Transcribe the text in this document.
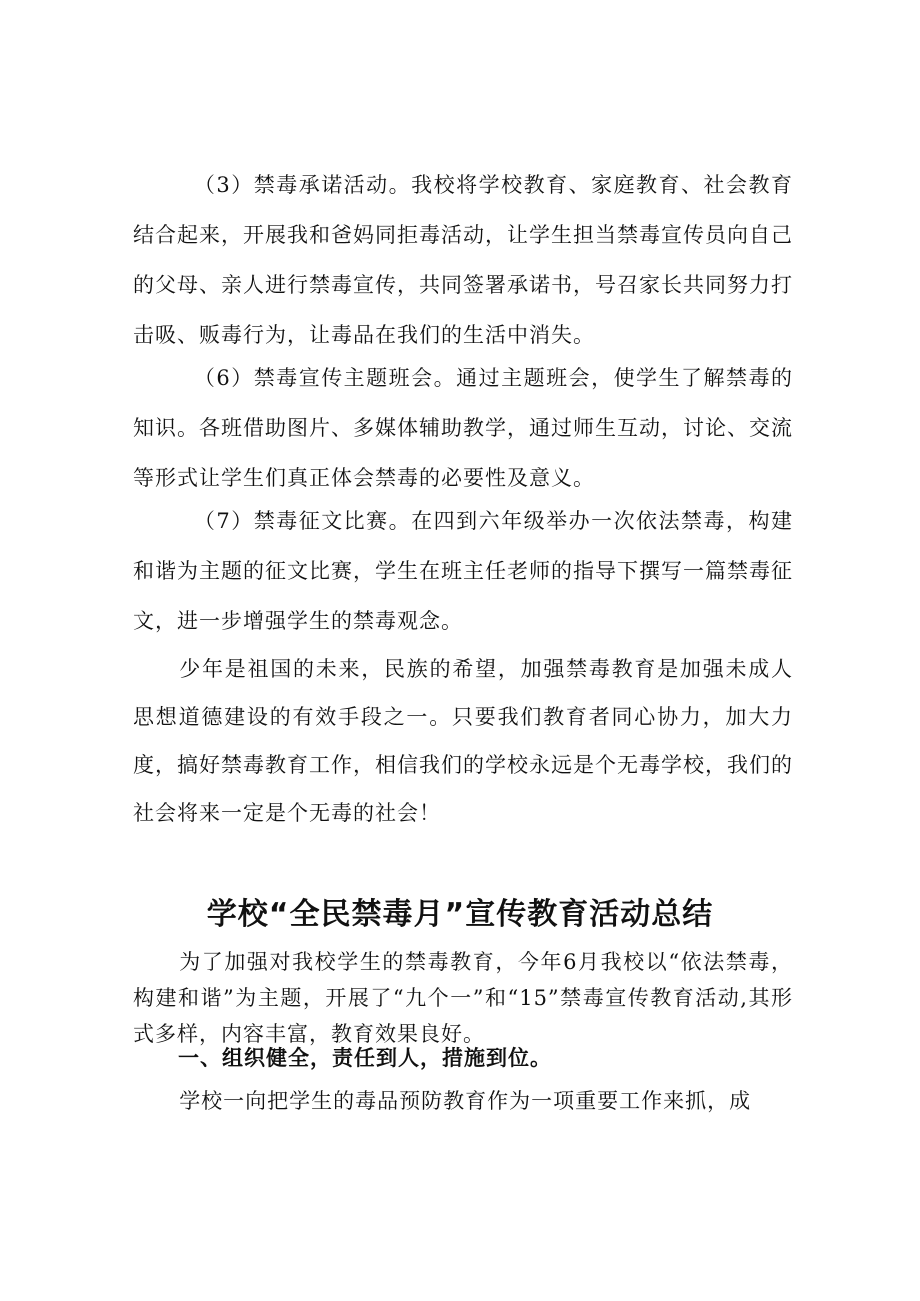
（3）禁毒承诺活动。我校将学校教育、家庭教育、社会教育结合起来，开展我和爸妈同拒毒活动，让学生担当禁毒宣传员向自己的父母、亲人进行禁毒宣传，共同签署承诺书，号召家长共同努力打击吸、贩毒行为，让毒品在我们的生活中消失。

（6）禁毒宣传主题班会。通过主题班会，使学生了解禁毒的知识。各班借助图片、多媒体辅助教学，通过师生互动，讨论、交流等形式让学生们真正体会禁毒的必要性及意义。

（7）禁毒征文比赛。在四到六年级举办一次依法禁毒，构建和谐为主题的征文比赛，学生在班主任老师的指导下撰写一篇禁毒征文，进一步增强学生的禁毒观念。

少年是祖国的未来，民族的希望，加强禁毒教育是加强未成人思想道德建设的有效手段之一。只要我们教育者同心协力，加大力度，搞好禁毒教育工作，相信我们的学校永远是个无毒学校，我们的社会将来一定是个无毒的社会！

学校“全民禁毒月”宣传教育活动总结

为了加强对我校学生的禁毒教育，今年6月我校以“依法禁毒，构建和谐”为主题，开展了“九个一”和“15”禁毒宣传教育活动,其形式多样，内容丰富，教育效果良好。

一、组织健全，责任到人，措施到位。

学校一向把学生的毒品预防教育作为一项重要工作来抓，成
